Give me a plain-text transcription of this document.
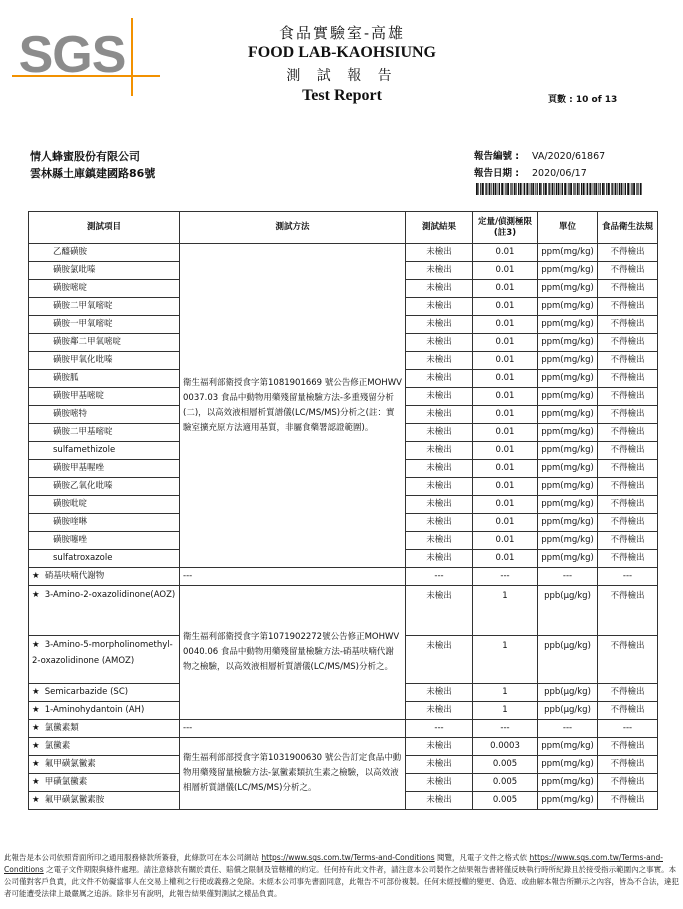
SGS	食品實驗室-高雄
FOOD LAB-KAOHSIUNG
測 試 報 告
Test Report	頁數 : 10 of 13
情人蜂蜜股份有限公司
雲林縣土庫鎮建國路86號
報告編號 : VA/2020/61867
報告日期 : 2020/06/17
測試項目	測試方法	測試結果	定量/偵測極限(註3)	單位	食品衛生法規
乙醯磺胺	衛生福利部衛授食字第1081901669 號公告修正MOHWV0037.03 食品中動物用藥殘留量檢驗方法-多重殘留分析(二)，以高效液相層析質譜儀(LC/MS/MS)分析之(註：實驗室擴充原方法適用基質，非屬食藥署認證範圍)。	未檢出	0.01	ppm(mg/kg)	不得檢出
磺胺氯吡嗪		未檢出	0.01	ppm(mg/kg)	不得檢出
磺胺嘧啶		未檢出	0.01	ppm(mg/kg)	不得檢出
磺胺二甲氧嘧啶		未檢出	0.01	ppm(mg/kg)	不得檢出
磺胺一甲氧嘧啶		未檢出	0.01	ppm(mg/kg)	不得檢出
磺胺鄰二甲氧嘧啶		未檢出	0.01	ppm(mg/kg)	不得檢出
磺胺甲氧化吡嗪		未檢出	0.01	ppm(mg/kg)	不得檢出
磺胺胍		未檢出	0.01	ppm(mg/kg)	不得檢出
磺胺甲基嘧啶		未檢出	0.01	ppm(mg/kg)	不得檢出
磺胺嘧特		未檢出	0.01	ppm(mg/kg)	不得檢出
磺胺二甲基嘧啶		未檢出	0.01	ppm(mg/kg)	不得檢出
sulfamethizole		未檢出	0.01	ppm(mg/kg)	不得檢出
磺胺甲基喔唑		未檢出	0.01	ppm(mg/kg)	不得檢出
磺胺乙氧化吡嗪		未檢出	0.01	ppm(mg/kg)	不得檢出
磺胺吡啶		未檢出	0.01	ppm(mg/kg)	不得檢出
磺胺喹啉		未檢出	0.01	ppm(mg/kg)	不得檢出
磺胺噻唑		未檢出	0.01	ppm(mg/kg)	不得檢出
sulfatroxazole		未檢出	0.01	ppm(mg/kg)	不得檢出
★ 硝基呋喃代謝物	---	---	---	---	---
★ 3-Amino-2-oxazolidinone(AOZ)	衛生福利部衛授食字第1071902272號公告修正MOHWV0040.06 食品中動物用藥殘留量檢驗方法-硝基呋喃代謝物之檢驗，以高效液相層析質譜儀(LC/MS/MS)分析之。	未檢出	1	ppb(μg/kg)	不得檢出
★ 3-Amino-5-morpholinomethyl-2-oxazolidinone (AMOZ)		未檢出	1	ppb(μg/kg)	不得檢出
★ Semicarbazide (SC)		未檢出	1	ppb(μg/kg)	不得檢出
★ 1-Aminohydantoin (AH)		未檢出	1	ppb(μg/kg)	不得檢出
★ 氯黴素類	---	---	---	---	---
★ 氯黴素	衛生福利部部授食字第1031900630 號公告訂定食品中動物用藥殘留量檢驗方法-氯黴素類抗生素之檢驗，以高效液相層析質譜儀(LC/MS/MS)分析之。	未檢出	0.0003	ppm(mg/kg)	不得檢出
★ 氟甲磺氯黴素		未檢出	0.005	ppm(mg/kg)	不得檢出
★ 甲磺氯黴素		未檢出	0.005	ppm(mg/kg)	不得檢出
★ 氟甲磺氯黴素胺		未檢出	0.005	ppm(mg/kg)	不得檢出
此報告是本公司依照背面所印之通用服務條款所簽發，此條款可在本公司網站 https://www.sgs.com.tw/Terms-and-Conditions 閱覽，凡電子文件之格式依 https://www.sgs.com.tw/Terms-and-Conditions 之電子文件期限與條件處理。請注意條款有關於責任、賠償之限制及管轄權的約定。任何持有此文件者，請注意本公司製作之結果報告書將僅反映執行時所紀錄且於接受指示範圍內之事實。本公司僅對客戶負責，此文件不妨礙當事人在交易上權利之行使或義務之免除。未經本公司事先書面同意，此報告不可部份複製。任何未經授權的變更、偽造、或曲解本報告所顯示之內容，皆為不合法，違犯者可能遭受法律上最嚴厲之追訴。除非另有說明，此報告結果僅對測試之樣品負責。
